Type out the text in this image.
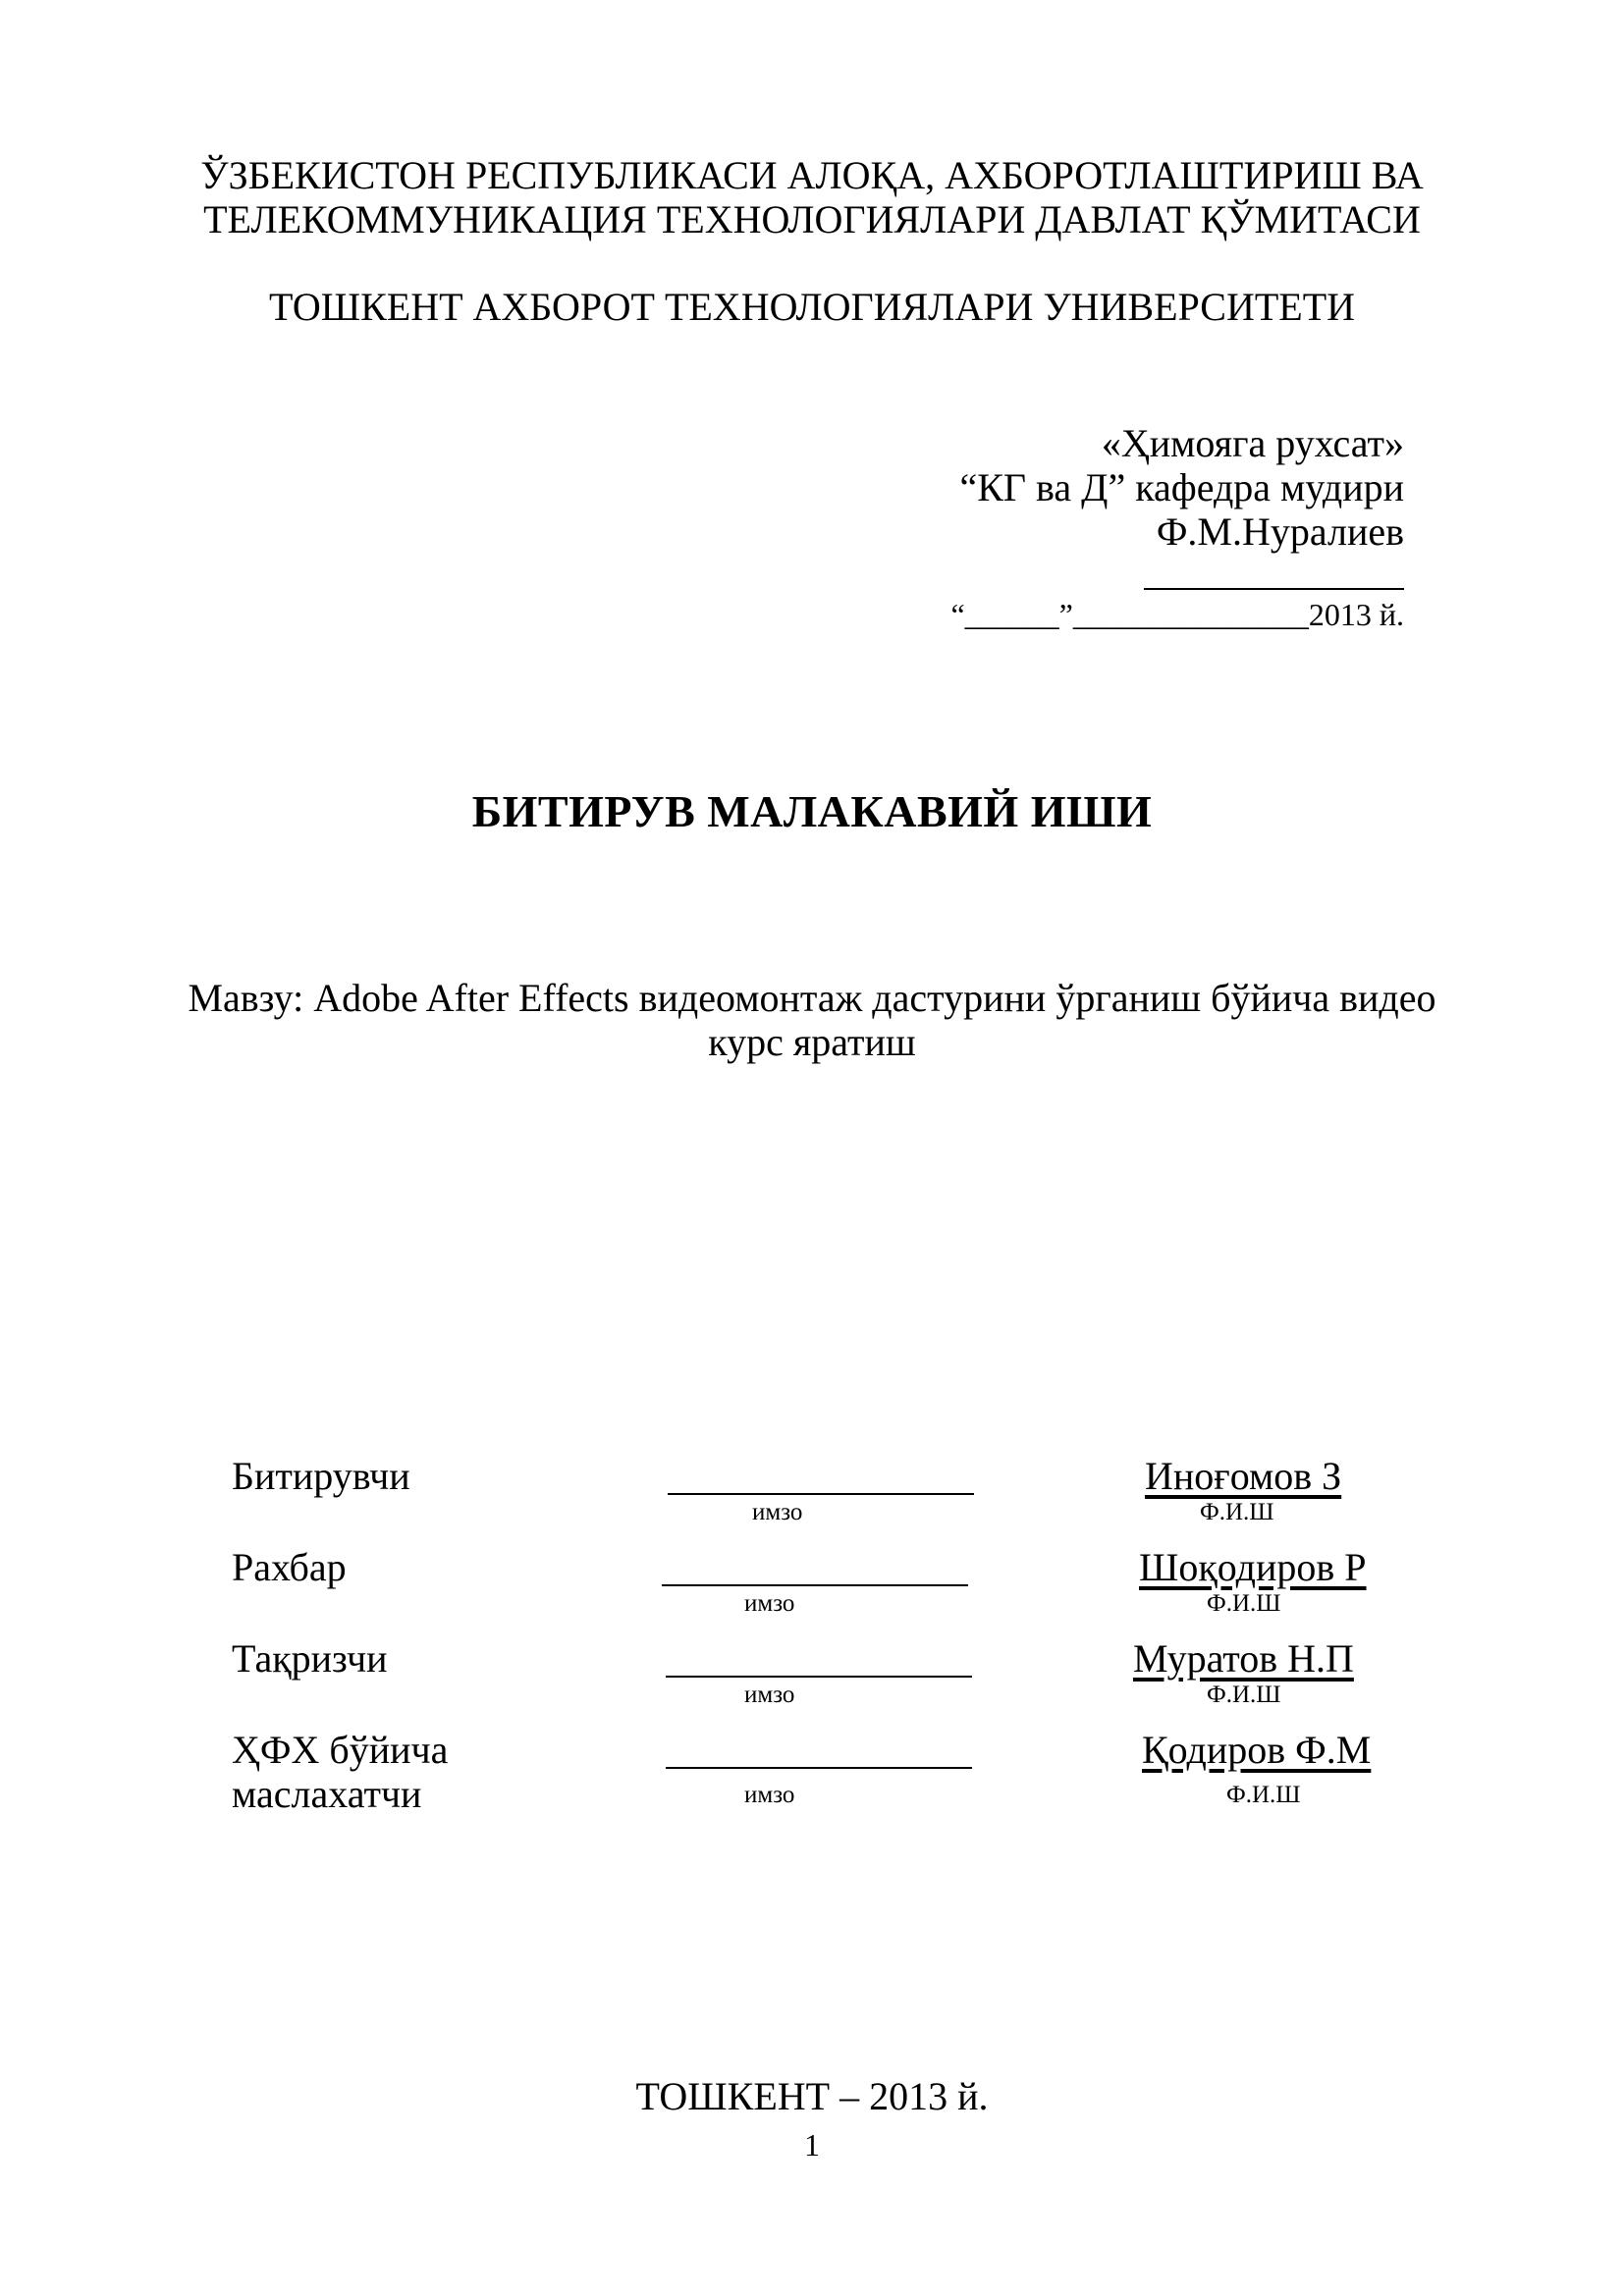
ЎЗБЕКИСТОН РЕСПУБЛИКАСИ АЛОҚА, АХБОРОТЛАШТИРИШ ВА
ТЕЛЕКОММУНИКАЦИЯ ТЕХНОЛОГИЯЛАРИ ДАВЛАТ ҚЎМИТАСИ
ТОШКЕНТ АХБОРОТ ТЕХНОЛОГИЯЛАРИ УНИВЕРСИТЕТИ
«Ҳимояга рухсат»
“КГ ва Д” кафедра мудири
Ф.М.Нуралиев
“______”_______________2013 й.
БИТИРУВ МАЛАКАВИЙ ИШИ
Мавзу: Adobe After Effects видеомонтаж дастурини ўрганиш бўйича видео
курс яратиш
Битирувчи
имзо
Иноғомов З
Ф.И.Ш
Рахбар
имзо
Шоқодиров Р
Ф.И.Ш
Тақризчи
имзо
Муратов Н.П
Ф.И.Ш
ҲФХ бўйича
маслахатчи	имзо
Қодиров Ф.М
Ф.И.Ш
ТОШКЕНТ – 2013 й.
1
